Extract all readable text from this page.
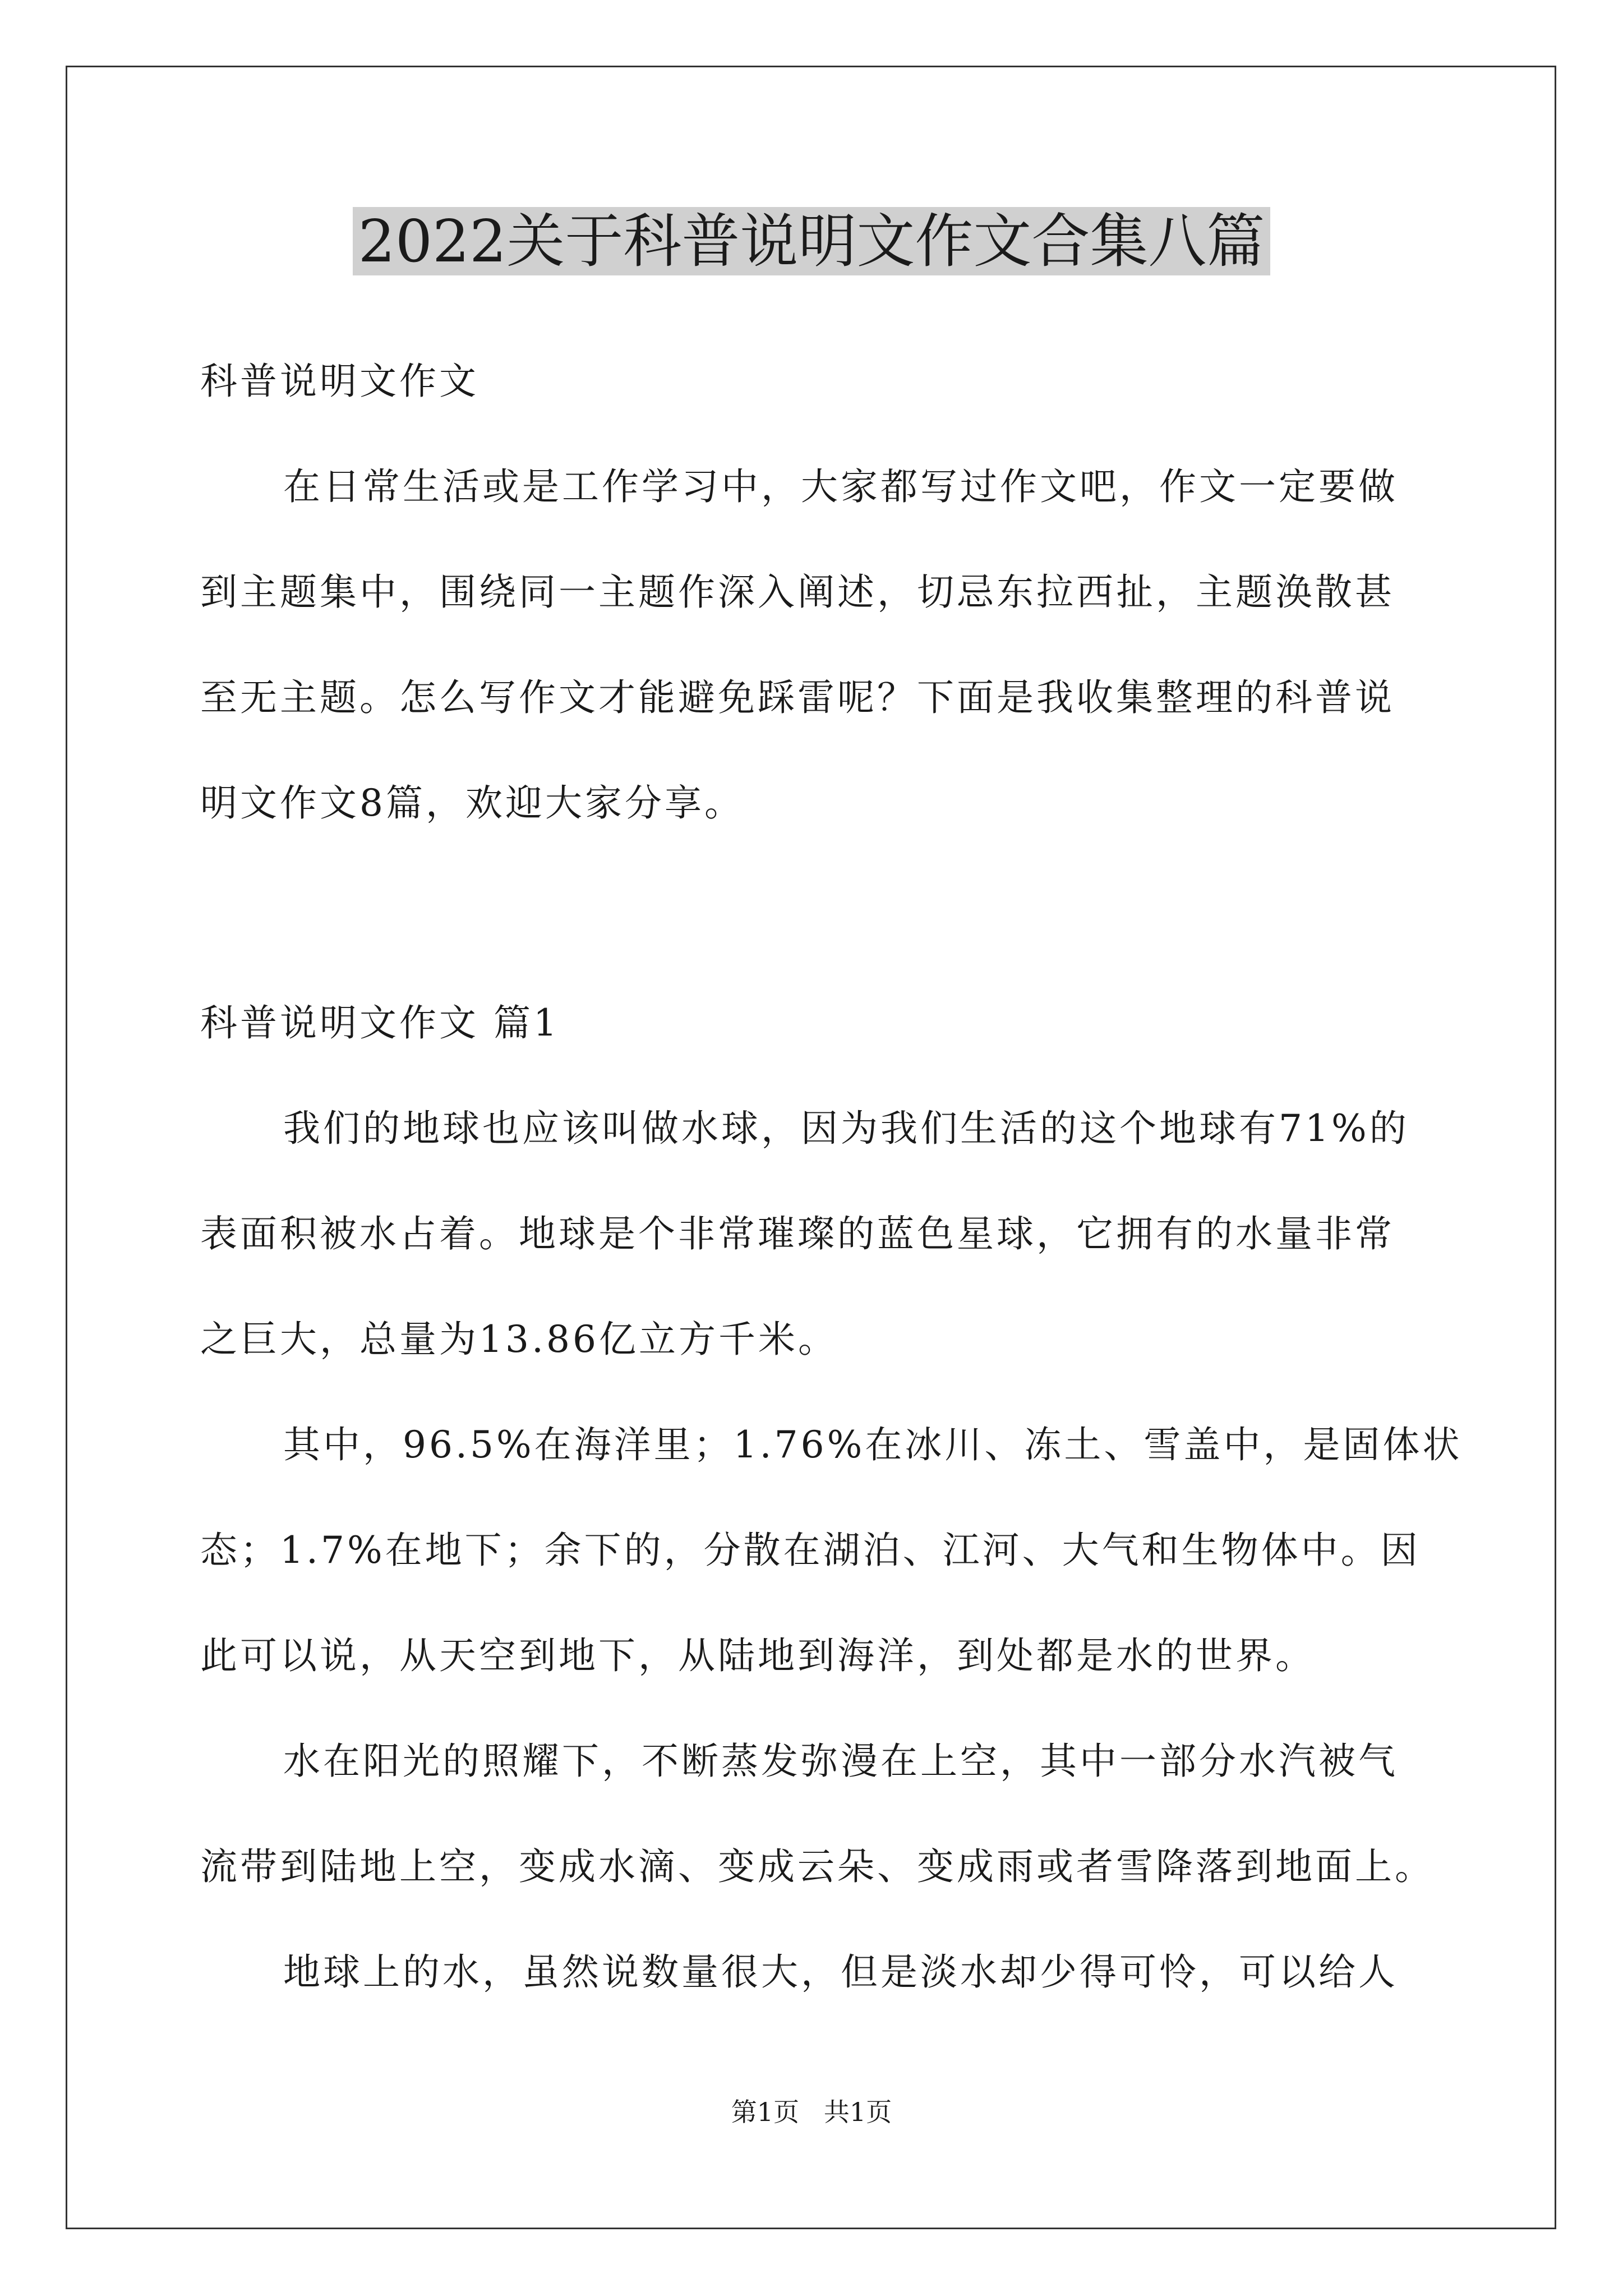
2022关于科普说明文作文合集八篇
科普说明文作文
在日常生活或是工作学习中，大家都写过作文吧，作文一定要做
到主题集中，围绕同一主题作深入阐述，切忌东拉西扯，主题涣散甚
至无主题。怎么写作文才能避免踩雷呢？下面是我收集整理的科普说
明文作文8篇，欢迎大家分享。
科普说明文作文 篇1
我们的地球也应该叫做水球，因为我们生活的这个地球有71%的
表面积被水占着。地球是个非常璀璨的蓝色星球，它拥有的水量非常
之巨大，总量为13.86亿立方千米。
其中，96.5%在海洋里；1.76%在冰川、冻土、雪盖中，是固体状
态；1.7%在地下；余下的，分散在湖泊、江河、大气和生物体中。因
此可以说，从天空到地下，从陆地到海洋，到处都是水的世界。
水在阳光的照耀下，不断蒸发弥漫在上空，其中一部分水汽被气
流带到陆地上空，变成水滴、变成云朵、变成雨或者雪降落到地面上。
地球上的水，虽然说数量很大，但是淡水却少得可怜，可以给人
第1页   共1页
